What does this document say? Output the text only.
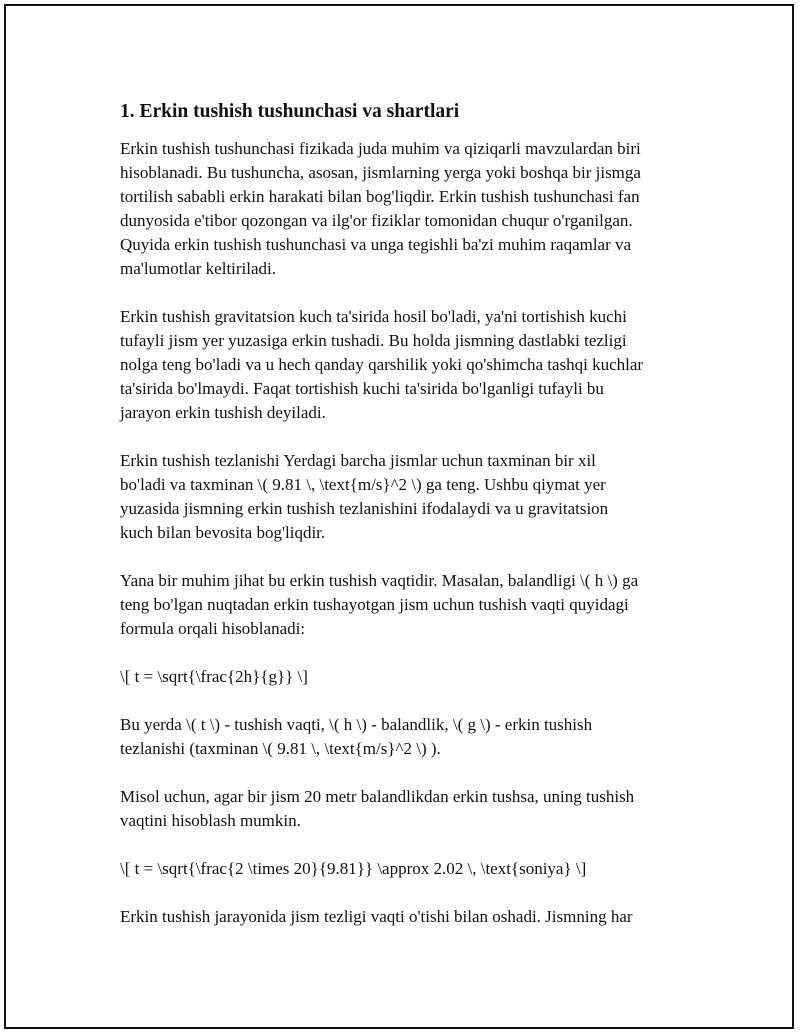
1. Erkin tushish tushunchasi va shartlari

Erkin tushish tushunchasi fizikada juda muhim va qiziqarli mavzulardan biri
hisoblanadi. Bu tushuncha, asosan, jismlarning yerga yoki boshqa bir jismga
tortilish sababli erkin harakati bilan bog'liqdir. Erkin tushish tushunchasi fan
dunyosida e'tibor qozongan va ilg'or fiziklar tomonidan chuqur o'rganilgan.
Quyida erkin tushish tushunchasi va unga tegishli ba'zi muhim raqamlar va
ma'lumotlar keltiriladi.

Erkin tushish gravitatsion kuch ta'sirida hosil bo'ladi, ya'ni tortishish kuchi
tufayli jism yer yuzasiga erkin tushadi. Bu holda jismning dastlabki tezligi
nolga teng bo'ladi va u hech qanday qarshilik yoki qo'shimcha tashqi kuchlar
ta'sirida bo'lmaydi. Faqat tortishish kuchi ta'sirida bo'lganligi tufayli bu
jarayon erkin tushish deyiladi.

Erkin tushish tezlanishi Yerdagi barcha jismlar uchun taxminan bir xil
bo'ladi va taxminan \( 9.81 \, \text{m/s}^2 \) ga teng. Ushbu qiymat yer
yuzasida jismning erkin tushish tezlanishini ifodalaydi va u gravitatsion
kuch bilan bevosita bog'liqdir.

Yana bir muhim jihat bu erkin tushish vaqtidir. Masalan, balandligi \( h \) ga
teng bo'lgan nuqtadan erkin tushayotgan jism uchun tushish vaqti quyidagi
formula orqali hisoblanadi:

\[ t = \sqrt{\frac{2h}{g}} \]

Bu yerda \( t \) - tushish vaqti, \( h \) - balandlik, \( g \) - erkin tushish
tezlanishi (taxminan \( 9.81 \, \text{m/s}^2 \) ).

Misol uchun, agar bir jism 20 metr balandlikdan erkin tushsa, uning tushish
vaqtini hisoblash mumkin.

\[ t = \sqrt{\frac{2 \times 20}{9.81}} \approx 2.02 \, \text{soniya} \]

Erkin tushish jarayonida jism tezligi vaqti o'tishi bilan oshadi. Jismning har
